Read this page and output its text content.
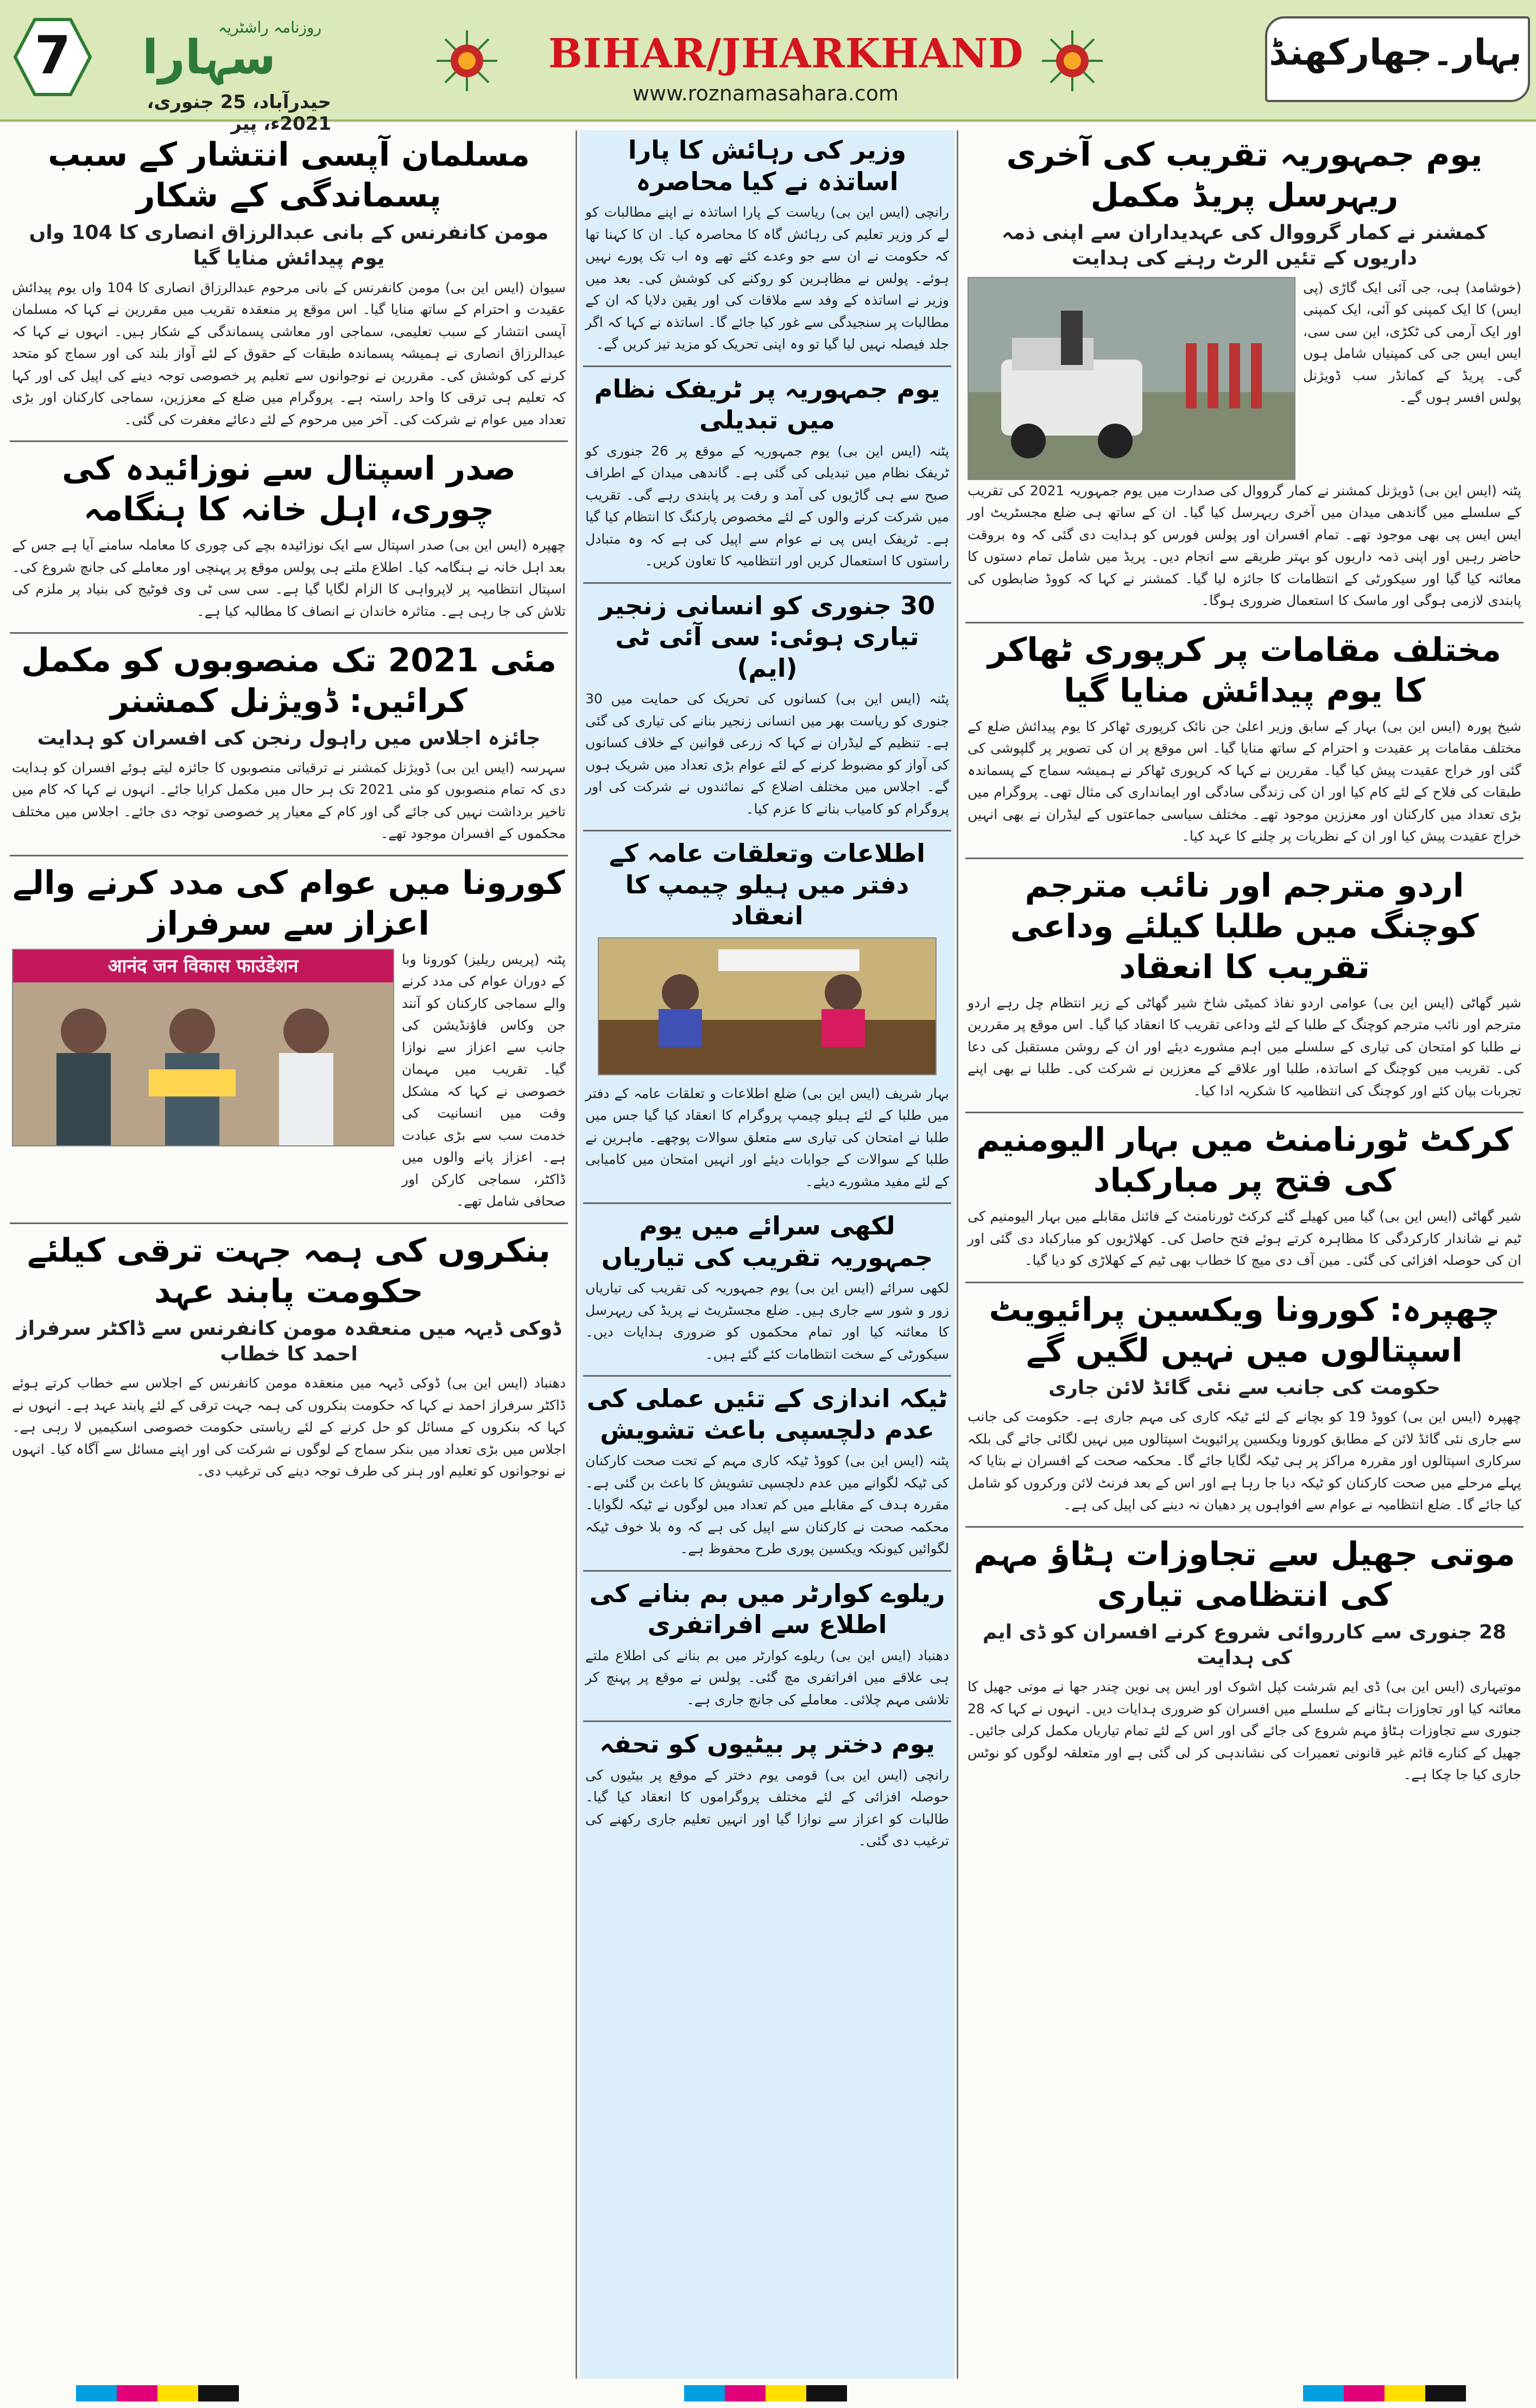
7	روزنامہ راشٹریہ
سہارا
حیدرآباد، 25 جنوری، 2021ء، پیر
BIHAR/JHARKHAND
www.roznamasahara.com
بہار۔جھارکھنڈ
یوم جمہوریہ تقریب کی آخری ریہرسل پریڈ مکمل
کمشنر نے کمار گرووال کی عہدیداران سے اپنی ذمہ داریوں کے تئیں الرٹ رہنے کی ہدایت

(خوشامد) ہی، جی آئی ایک گاڑی (پی ایس) کا ایک کمپنی کو آئی، ایک کمپنی اور ایک آرمی کی ٹکڑی، این سی سی، ایس ایس جی کی کمپنیاں شامل ہوں گی۔ پریڈ کے کمانڈر سب ڈویژنل پولس افسر ہوں گے۔

پٹنہ (ایس این بی) ڈویژنل کمشنر نے کمار گرووال کی صدارت میں یوم جمہوریہ 2021 کی تقریب کے سلسلے میں گاندھی میدان میں آخری ریہرسل کیا گیا۔ ان کے ساتھ ہی ضلع مجسٹریٹ اور ایس ایس پی بھی موجود تھے۔ تمام افسران اور پولس فورس کو ہدایت دی گئی کہ وہ بروقت حاضر رہیں اور اپنی ذمہ داریوں کو بہتر طریقے سے انجام دیں۔ پریڈ میں شامل تمام دستوں کا معائنہ کیا گیا اور سیکورٹی کے انتظامات کا جائزہ لیا گیا۔ کمشنر نے کہا کہ کووڈ ضابطوں کی پابندی لازمی ہوگی اور ماسک کا استعمال ضروری ہوگا۔

مختلف مقامات پر کرپوری ٹھاکر کا یوم پیدائش منایا گیا

شیخ پورہ (ایس این بی) بہار کے سابق وزیر اعلیٰ جن نائک کرپوری ٹھاکر کا یوم پیدائش ضلع کے مختلف مقامات پر عقیدت و احترام کے ساتھ منایا گیا۔ اس موقع پر ان کی تصویر پر گلپوشی کی گئی اور خراج عقیدت پیش کیا گیا۔ مقررین نے کہا کہ کرپوری ٹھاکر نے ہمیشہ سماج کے پسماندہ طبقات کی فلاح کے لئے کام کیا اور ان کی زندگی سادگی اور ایمانداری کی مثال تھی۔ پروگرام میں بڑی تعداد میں کارکنان اور معززین موجود تھے۔ مختلف سیاسی جماعتوں کے لیڈران نے بھی انہیں خراج عقیدت پیش کیا اور ان کے نظریات پر چلنے کا عہد کیا۔

اردو مترجم اور نائب مترجم کوچنگ میں طلبا کیلئے وداعی تقریب کا انعقاد

شیر گھاٹی (ایس این بی) عوامی اردو نفاذ کمیٹی شاخ شیر گھاٹی کے زیر انتظام چل رہے اردو مترجم اور نائب مترجم کوچنگ کے طلبا کے لئے وداعی تقریب کا انعقاد کیا گیا۔ اس موقع پر مقررین نے طلبا کو امتحان کی تیاری کے سلسلے میں اہم مشورے دیئے اور ان کے روشن مستقبل کی دعا کی۔ تقریب میں کوچنگ کے اساتذہ، طلبا اور علاقے کے معززین نے شرکت کی۔ طلبا نے بھی اپنے تجربات بیان کئے اور کوچنگ کی انتظامیہ کا شکریہ ادا کیا۔

کرکٹ ٹورنامنٹ میں بہار الیومنیم کی فتح پر مبارکباد

شیر گھاٹی (ایس این بی) گیا میں کھیلے گئے کرکٹ ٹورنامنٹ کے فائنل مقابلے میں بہار الیومنیم کی ٹیم نے شاندار کارکردگی کا مظاہرہ کرتے ہوئے فتح حاصل کی۔ کھلاڑیوں کو مبارکباد دی گئی اور ان کی حوصلہ افزائی کی گئی۔ مین آف دی میچ کا خطاب بھی ٹیم کے کھلاڑی کو دیا گیا۔

چھپرہ: کورونا ویکسین پرائیویٹ اسپتالوں میں نہیں لگیں گے
حکومت کی جانب سے نئی گائڈ لائن جاری

چھپرہ (ایس این بی) کووڈ 19 کو بچانے کے لئے ٹیکہ کاری کی مہم جاری ہے۔ حکومت کی جانب سے جاری نئی گائڈ لائن کے مطابق کورونا ویکسین پرائیویٹ اسپتالوں میں نہیں لگائی جائے گی بلکہ سرکاری اسپتالوں اور مقررہ مراکز پر ہی ٹیکہ لگایا جائے گا۔ محکمہ صحت کے افسران نے بتایا کہ پہلے مرحلے میں صحت کارکنان کو ٹیکہ دیا جا رہا ہے اور اس کے بعد فرنٹ لائن ورکروں کو شامل کیا جائے گا۔ ضلع انتظامیہ نے عوام سے افواہوں پر دھیان نہ دینے کی اپیل کی ہے۔

موتی جھیل سے تجاوزات ہٹاؤ مہم کی انتظامی تیاری
28 جنوری سے کارروائی شروع کرنے افسران کو ڈی ایم کی ہدایت

موتیہاری (ایس این بی) ڈی ایم شرشت کپل اشوک اور ایس پی نوین چندر جھا نے موتی جھیل کا معائنہ کیا اور تجاوزات ہٹانے کے سلسلے میں افسران کو ضروری ہدایات دیں۔ انہوں نے کہا کہ 28 جنوری سے تجاوزات ہٹاؤ مہم شروع کی جائے گی اور اس کے لئے تمام تیاریاں مکمل کرلی جائیں۔ جھیل کے کنارے قائم غیر قانونی تعمیرات کی نشاندہی کر لی گئی ہے اور متعلقہ لوگوں کو نوٹس جاری کیا جا چکا ہے۔

وزیر کی رہائش کا پارا اساتذہ نے کیا محاصرہ

رانچی (ایس این بی) ریاست کے پارا اساتذہ نے اپنے مطالبات کو لے کر وزیر تعلیم کی رہائش گاہ کا محاصرہ کیا۔ ان کا کہنا تھا کہ حکومت نے ان سے جو وعدے کئے تھے وہ اب تک پورے نہیں ہوئے۔ پولس نے مظاہرین کو روکنے کی کوشش کی۔ بعد میں وزیر نے اساتذہ کے وفد سے ملاقات کی اور یقین دلایا کہ ان کے مطالبات پر سنجیدگی سے غور کیا جائے گا۔ اساتذہ نے کہا کہ اگر جلد فیصلہ نہیں لیا گیا تو وہ اپنی تحریک کو مزید تیز کریں گے۔

یوم جمہوریہ پر ٹریفک نظام میں تبدیلی

پٹنہ (ایس این بی) یوم جمہوریہ کے موقع پر 26 جنوری کو ٹریفک نظام میں تبدیلی کی گئی ہے۔ گاندھی میدان کے اطراف صبح سے ہی گاڑیوں کی آمد و رفت پر پابندی رہے گی۔ تقریب میں شرکت کرنے والوں کے لئے مخصوص پارکنگ کا انتظام کیا گیا ہے۔ ٹریفک ایس پی نے عوام سے اپیل کی ہے کہ وہ متبادل راستوں کا استعمال کریں اور انتظامیہ کا تعاون کریں۔

30 جنوری کو انسانی زنجیر تیاری ہوئی: سی آئی ٹی (ایم)

پٹنہ (ایس این بی) کسانوں کی تحریک کی حمایت میں 30 جنوری کو ریاست بھر میں انسانی زنجیر بنانے کی تیاری کی گئی ہے۔ تنظیم کے لیڈران نے کہا کہ زرعی قوانین کے خلاف کسانوں کی آواز کو مضبوط کرنے کے لئے عوام بڑی تعداد میں شریک ہوں گے۔ اجلاس میں مختلف اضلاع کے نمائندوں نے شرکت کی اور پروگرام کو کامیاب بنانے کا عزم کیا۔

اطلاعات وتعلقات عامہ کے دفتر میں ہیلو چیمپ کا انعقاد

بہار شریف (ایس این بی) ضلع اطلاعات و تعلقات عامہ کے دفتر میں طلبا کے لئے ہیلو چیمپ پروگرام کا انعقاد کیا گیا جس میں طلبا نے امتحان کی تیاری سے متعلق سوالات پوچھے۔ ماہرین نے طلبا کے سوالات کے جوابات دیئے اور انہیں امتحان میں کامیابی کے لئے مفید مشورے دیئے۔

لکھی سرائے میں یوم جمہوریہ تقریب کی تیاریاں

لکھی سرائے (ایس این بی) یوم جمہوریہ کی تقریب کی تیاریاں زور و شور سے جاری ہیں۔ ضلع مجسٹریٹ نے پریڈ کی ریہرسل کا معائنہ کیا اور تمام محکموں کو ضروری ہدایات دیں۔ سیکورٹی کے سخت انتظامات کئے گئے ہیں۔

ٹیکہ اندازی کے تئیں عملی کی عدم دلچسپی باعث تشویش

پٹنہ (ایس این بی) کووڈ ٹیکہ کاری مہم کے تحت صحت کارکنان کی ٹیکہ لگوانے میں عدم دلچسپی تشویش کا باعث بن گئی ہے۔ مقررہ ہدف کے مقابلے میں کم تعداد میں لوگوں نے ٹیکہ لگوایا۔ محکمہ صحت نے کارکنان سے اپیل کی ہے کہ وہ بلا خوف ٹیکہ لگوائیں کیونکہ ویکسین پوری طرح محفوظ ہے۔

ریلوے کوارٹر میں بم بنانے کی اطلاع سے افراتفری

دھنباد (ایس این بی) ریلوے کوارٹر میں بم بنانے کی اطلاع ملتے ہی علاقے میں افراتفری مچ گئی۔ پولس نے موقع پر پہنچ کر تلاشی مہم چلائی۔ معاملے کی جانچ جاری ہے۔

یوم دختر پر بیٹیوں کو تحفہ

رانچی (ایس این بی) قومی یوم دختر کے موقع پر بیٹیوں کی حوصلہ افزائی کے لئے مختلف پروگراموں کا انعقاد کیا گیا۔ طالبات کو اعزاز سے نوازا گیا اور انہیں تعلیم جاری رکھنے کی ترغیب دی گئی۔

مسلمان آپسی انتشار کے سبب پسماندگی کے شکار
مومن کانفرنس کے بانی عبدالرزاق انصاری کا 104 واں یوم پیدائش منایا گیا

سیوان (ایس این بی) مومن کانفرنس کے بانی مرحوم عبدالرزاق انصاری کا 104 واں یوم پیدائش عقیدت و احترام کے ساتھ منایا گیا۔ اس موقع پر منعقدہ تقریب میں مقررین نے کہا کہ مسلمان آپسی انتشار کے سبب تعلیمی، سماجی اور معاشی پسماندگی کے شکار ہیں۔ انہوں نے کہا کہ عبدالرزاق انصاری نے ہمیشہ پسماندہ طبقات کے حقوق کے لئے آواز بلند کی اور سماج کو متحد کرنے کی کوشش کی۔ مقررین نے نوجوانوں سے تعلیم پر خصوصی توجہ دینے کی اپیل کی اور کہا کہ تعلیم ہی ترقی کا واحد راستہ ہے۔ پروگرام میں ضلع کے معززین، سماجی کارکنان اور بڑی تعداد میں عوام نے شرکت کی۔ آخر میں مرحوم کے لئے دعائے مغفرت کی گئی۔

صدر اسپتال سے نوزائیدہ کی چوری، اہل خانہ کا ہنگامہ

چھپرہ (ایس این بی) صدر اسپتال سے ایک نوزائیدہ بچے کی چوری کا معاملہ سامنے آیا ہے جس کے بعد اہل خانہ نے ہنگامہ کیا۔ اطلاع ملتے ہی پولس موقع پر پہنچی اور معاملے کی جانچ شروع کی۔ اسپتال انتظامیہ پر لاپرواہی کا الزام لگایا گیا ہے۔ سی سی ٹی وی فوٹیج کی بنیاد پر ملزم کی تلاش کی جا رہی ہے۔ متاثرہ خاندان نے انصاف کا مطالبہ کیا ہے۔

مئی 2021 تک منصوبوں کو مکمل کرائیں: ڈویژنل کمشنر
جائزہ اجلاس میں راہول رنجن کی افسران کو ہدایت

سہرسہ (ایس این بی) ڈویژنل کمشنر نے ترقیاتی منصوبوں کا جائزہ لیتے ہوئے افسران کو ہدایت دی کہ تمام منصوبوں کو مئی 2021 تک ہر حال میں مکمل کرایا جائے۔ انہوں نے کہا کہ کام میں تاخیر برداشت نہیں کی جائے گی اور کام کے معیار پر خصوصی توجہ دی جائے۔ اجلاس میں مختلف محکموں کے افسران موجود تھے۔

کورونا میں عوام کی مدد کرنے والے اعزاز سے سرفراز

پٹنہ (پریس ریلیز) کورونا وبا کے دوران عوام کی مدد کرنے والے سماجی کارکنان کو آنند جن وکاس فاؤنڈیشن کی جانب سے اعزاز سے نوازا گیا۔ تقریب میں مہمان خصوصی نے کہا کہ مشکل وقت میں انسانیت کی خدمت سب سے بڑی عبادت ہے۔ اعزاز پانے والوں میں ڈاکٹر، سماجی کارکن اور صحافی شامل تھے۔

आनंद जन विकास फाउंडेशन
بنکروں کی ہمہ جہت ترقی کیلئے حکومت پابند عہد
ڈوکی ڈیہہ میں منعقدہ مومن کانفرنس سے ڈاکٹر سرفراز احمد کا خطاب

دھنباد (ایس این بی) ڈوکی ڈیہہ میں منعقدہ مومن کانفرنس کے اجلاس سے خطاب کرتے ہوئے ڈاکٹر سرفراز احمد نے کہا کہ حکومت بنکروں کی ہمہ جہت ترقی کے لئے پابند عہد ہے۔ انہوں نے کہا کہ بنکروں کے مسائل کو حل کرنے کے لئے ریاستی حکومت خصوصی اسکیمیں لا رہی ہے۔ اجلاس میں بڑی تعداد میں بنکر سماج کے لوگوں نے شرکت کی اور اپنے مسائل سے آگاہ کیا۔ انہوں نے نوجوانوں کو تعلیم اور ہنر کی طرف توجہ دینے کی ترغیب دی۔
